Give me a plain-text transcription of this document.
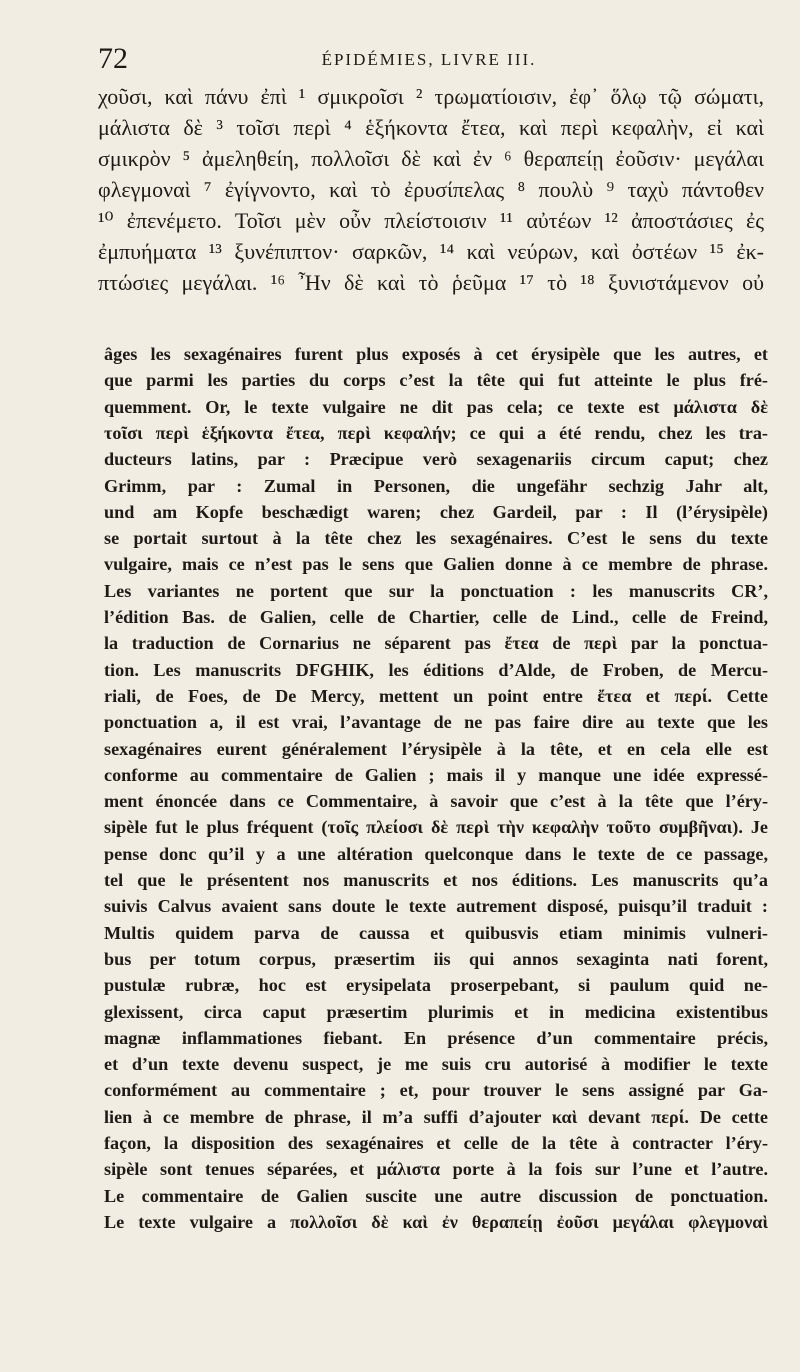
72	ÉPIDÉMIES, LIVRE III.
χοῦσι, καὶ πάνυ ἐπὶ ¹ σμικροῖσι ² τρωματίοισιν, ἐφ᾽ ὅλῳ τῷ σώματι,
μάλιστα δὲ ³ τοῖσι περὶ ⁴ ἑξήκοντα ἔτεα, καὶ περὶ κεφαλὴν, εἰ καὶ
σμικρὸν ⁵ ἀμεληθείη, πολλοῖσι δὲ καὶ ἐν ⁶ θεραπείῃ ἐοῦσιν· μεγάλαι
φλεγμοναὶ ⁷ ἐγίγνοντο, καὶ τὸ ἐρυσίπελας ⁸ πουλὺ ⁹ ταχὺ πάντοθεν
¹⁰ ἐπενέμετο. Τοῖσι μὲν οὖν πλείστοισιν ¹¹ αὐτέων ¹² ἀποστάσιες ἐς
ἐμπυήματα ¹³ ξυνέπιπτον· σαρκῶν, ¹⁴ καὶ νεύρων, καὶ ὀστέων ¹⁵ ἐκ-
πτώσιες μεγάλαι. ¹⁶ Ἦν δὲ καὶ τὸ ῥεῦμα ¹⁷ τὸ ¹⁸ ξυνιστάμενον οὐ
âges les sexagénaires furent plus exposés à cet érysipèle que les autres, et
que parmi les parties du corps c’est la tête qui fut atteinte le plus fré-
quemment. Or, le texte vulgaire ne dit pas cela; ce texte est μάλιστα δὲ
τοῖσι περὶ ἑξήκοντα ἔτεα, περὶ κεφαλήν; ce qui a été rendu, chez les tra-
ducteurs latins, par : Præcipue verò sexagenariis circum caput; chez
Grimm, par : Zumal in Personen, die ungefähr sechzig Jahr alt,
und am Kopfe beschædigt waren; chez Gardeil, par : Il (l’érysipèle)
se portait surtout à la tête chez les sexagénaires. C’est le sens du texte
vulgaire, mais ce n’est pas le sens que Galien donne à ce membre de phrase.
Les variantes ne portent que sur la ponctuation : les manuscrits CR’,
l’édition Bas. de Galien, celle de Chartier, celle de Lind., celle de Freind,
la traduction de Cornarius ne séparent pas ἔτεα de περὶ par la ponctua-
tion. Les manuscrits DFGHIK, les éditions d’Alde, de Froben, de Mercu-
riali, de Foes, de De Mercy, mettent un point entre ἔτεα et περί. Cette
ponctuation a, il est vrai, l’avantage de ne pas faire dire au texte que les
sexagénaires eurent généralement l’érysipèle à la tête, et en cela elle est
conforme au commentaire de Galien ; mais il y manque une idée expressé-
ment énoncée dans ce Commentaire, à savoir que c’est à la tête que l’éry-
sipèle fut le plus fréquent (τοῖς πλείοσι δὲ περὶ τὴν κεφαλὴν τοῦτο συμβῆναι). Je
pense donc qu’il y a une altération quelconque dans le texte de ce passage,
tel que le présentent nos manuscrits et nos éditions. Les manuscrits qu’a
suivis Calvus avaient sans doute le texte autrement disposé, puisqu’il traduit :
Multis quidem parva de caussa et quibusvis etiam minimis vulneri-
bus per totum corpus, præsertim iis qui annos sexaginta nati forent,
pustulæ rubræ, hoc est erysipelata proserpebant, si paulum quid ne-
glexissent, circa caput præsertim plurimis et in medicina existentibus
magnæ inflammationes fiebant. En présence d’un commentaire précis,
et d’un texte devenu suspect, je me suis cru autorisé à modifier le texte
conformément au commentaire ; et, pour trouver le sens assigné par Ga-
lien à ce membre de phrase, il m’a suffi d’ajouter καὶ devant περί. De cette
façon, la disposition des sexagénaires et celle de la tête à contracter l’éry-
sipèle sont tenues séparées, et μάλιστα porte à la fois sur l’une et l’autre.
Le commentaire de Galien suscite une autre discussion de ponctuation.
Le texte vulgaire a πολλοῖσι δὲ καὶ ἐν θεραπείῃ ἐοῦσι μεγάλαι φλεγμοναὶ
